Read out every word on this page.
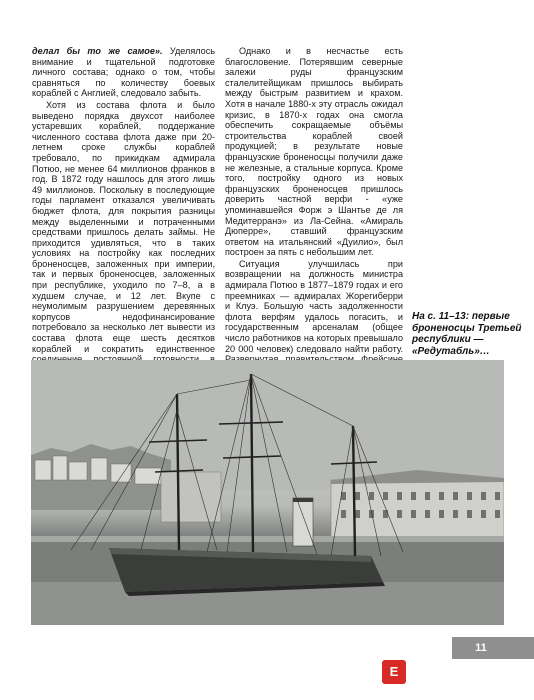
делал бы то же самое». Уделялось внимание и тщательной подготовке личного состава; однако о том, чтобы сравняться по количеству боевых кораблей с Англией, следовало забыть.

Хотя из состава флота и было выведено порядка двухсот наиболее устаревших кораблей, поддержание численного состава флота даже при 20-летнем сроке службы кораблей требовало, по прикидкам адмирала Потюо, не менее 64 миллионов франков в год. В 1872 году нашлось для этого лишь 49 миллионов. Поскольку в последующие годы парламент отказался увеличивать бюджет флота, для покрытия разницы между выделенными и потраченными средствами пришлось делать займы. Не приходится удивляться, что в таких условиях на постройку как последних броненосцев, заложенных при империи, так и первых броненосцев, заложенных при республике, уходило по 7–8, а в худшем случае, и 12 лет. Вкупе с неумолимым разрушением деревянных корпусов недофинансирование потребовало за несколько лет вывести из состава флота еще шесть десятков кораблей и сократить единственное

Однако и в несчастье есть благословение. Потерявшим северные залежи руды французским сталелитейщикам пришлось выбирать между быстрым развитием и крахом. Хотя в начале 1880-х эту отрасль ожидал кризис, в 1870-х годах она смогла обеспечить сокращаемые объёмы строительства кораблей своей продукцией; в результате новые французские броненосцы получили даже не железные, а стальные корпуса. Кроме того, постройку одного из новых французских броненосцев пришлось доверить частной верфи - «уже упоминавшейся Форж э Шантье де ля Медитерранэ» из Ла-Сейна. «Амираль Дюперре», ставший французским ответом на итальянский «Дуилио», был построен за пять с небольшим лет.

Ситуация улучшилась при возвращении на должность министра адмирала Потюо в 1877–1879 годах и его преемниках — адмиралах Жорегиберри и Клуэ. Большую часть задолженности флота верфям удалось погасить, и государственным арсеналам (общее число работников на которых превышало 20 000 человек) следовало найти работу.

На с. 11–13: первые броненосцы Третьей республики — «Редутабль»…
11
Е
